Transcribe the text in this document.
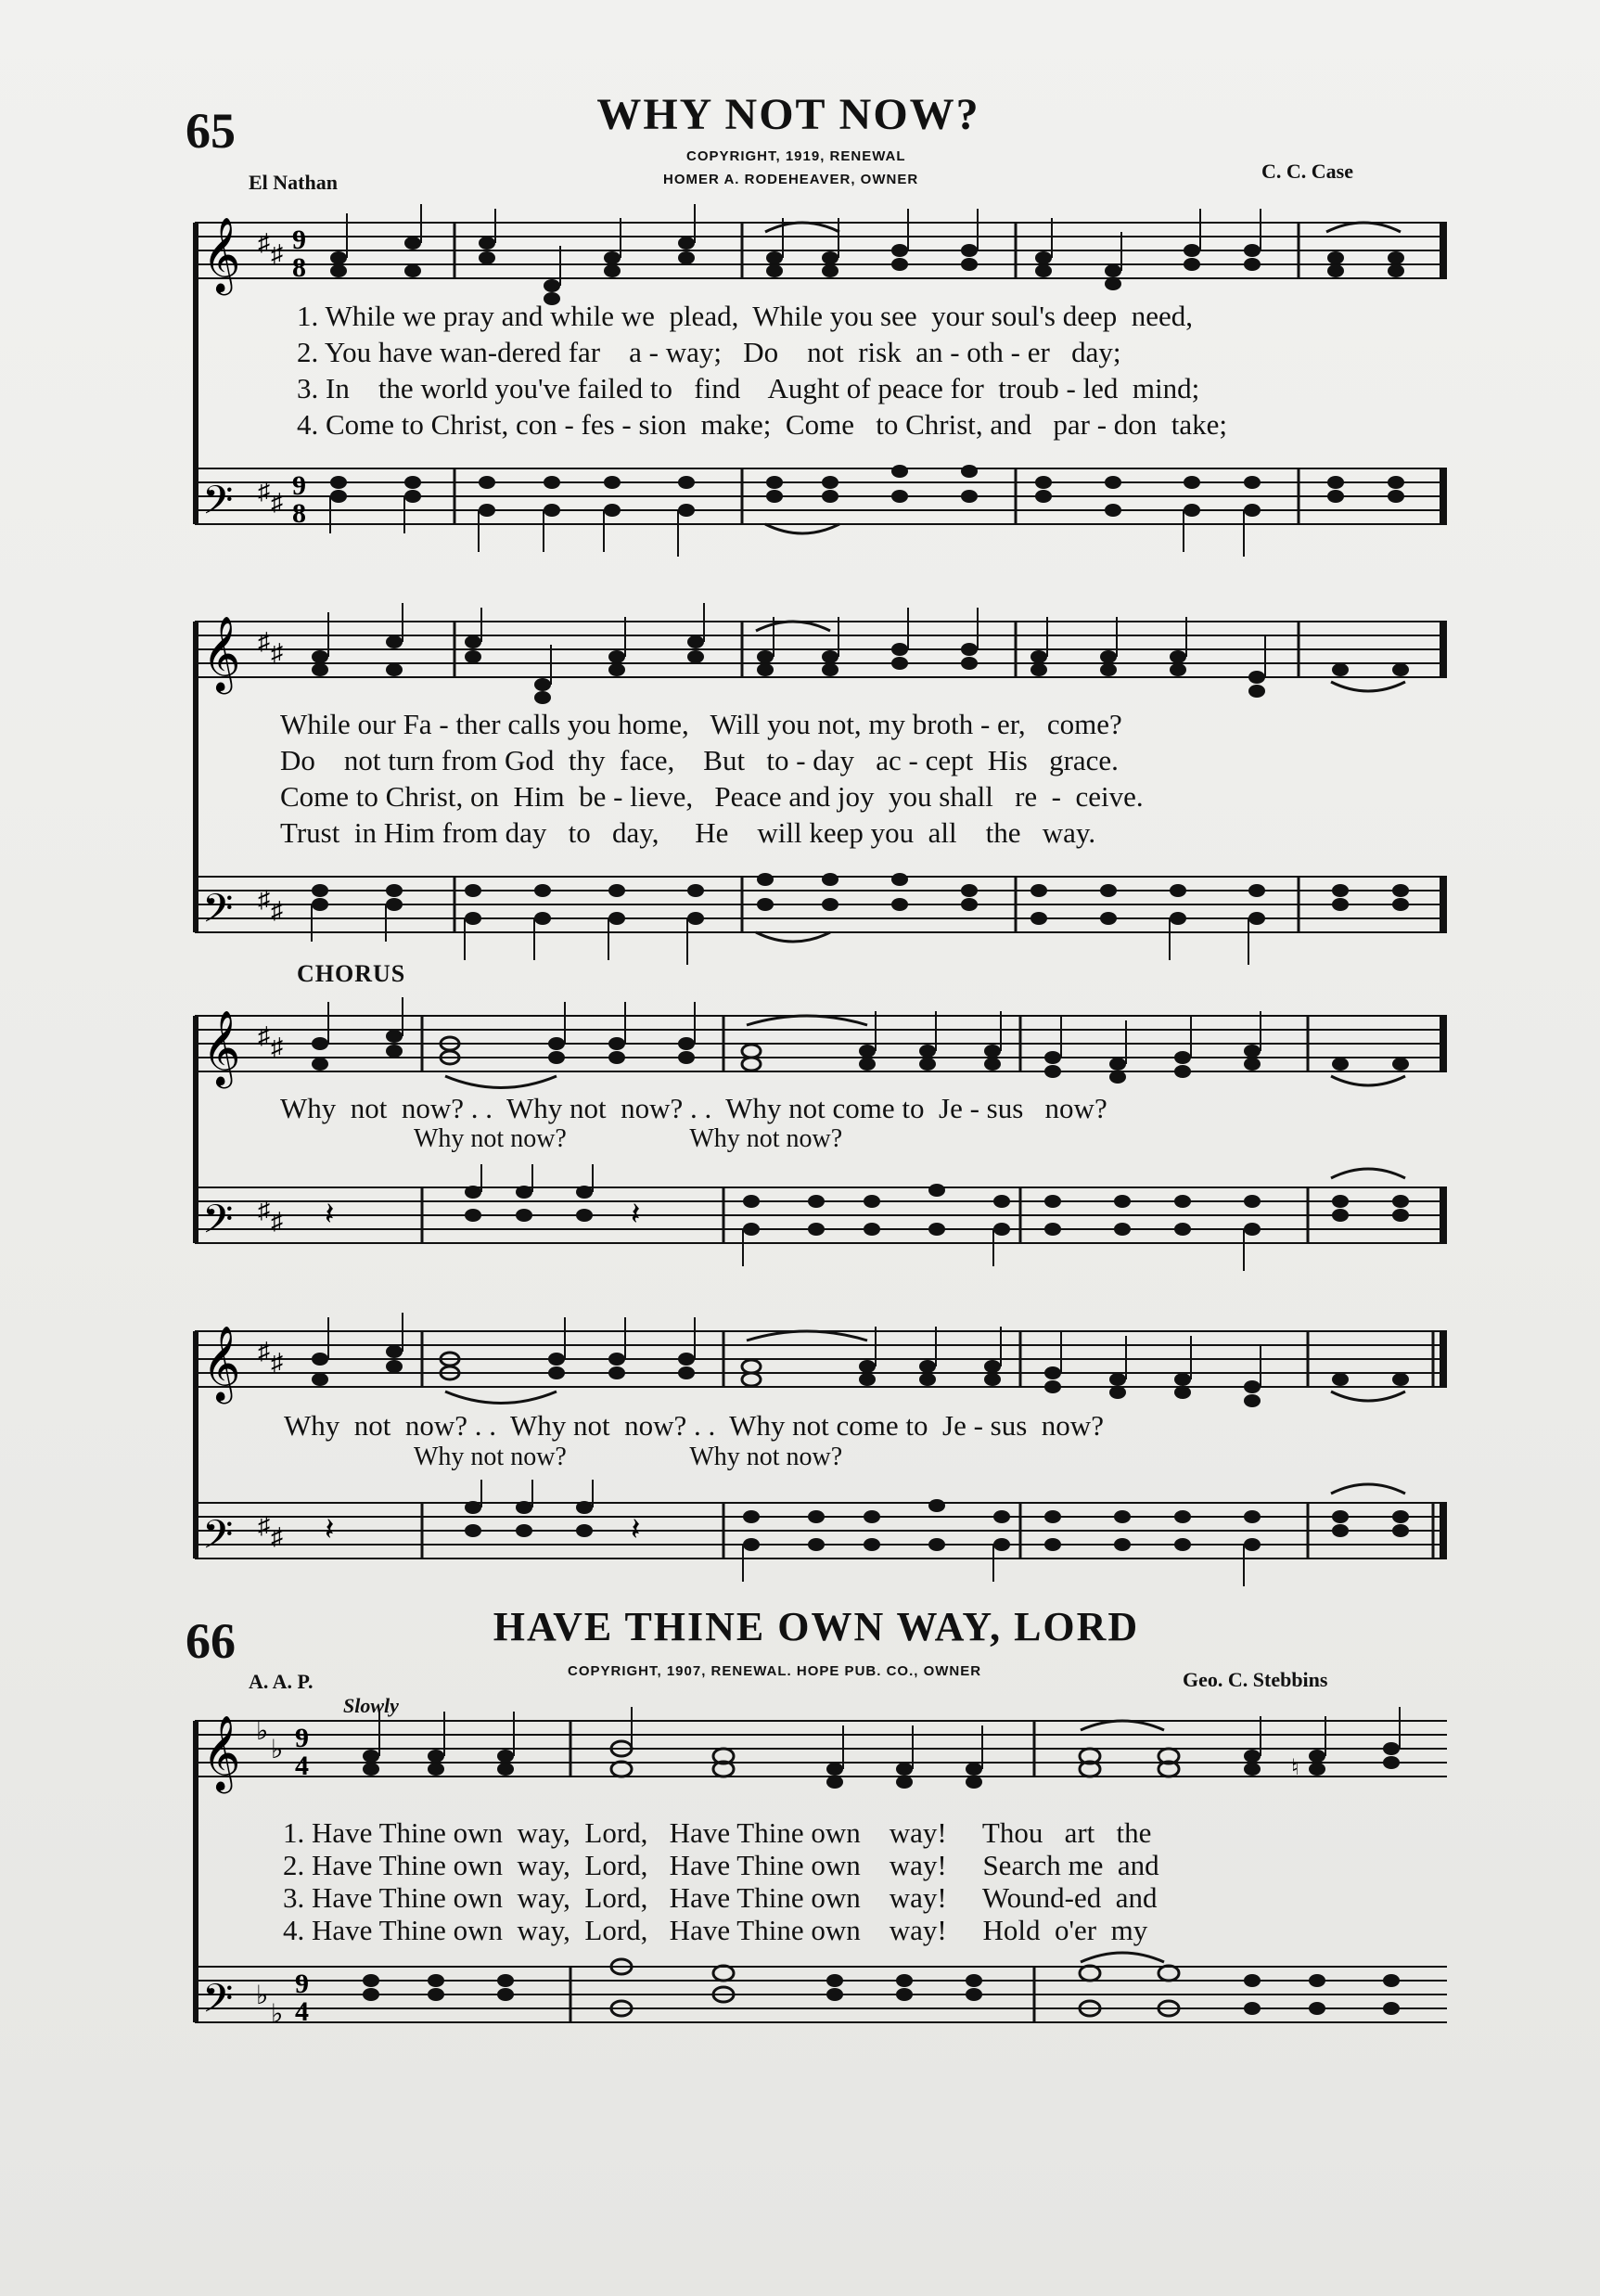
65	WHY NOT NOW?
COPYRIGHT, 1919, RENEWAL
HOMER A. RODEHEAVER, OWNER
El Nathan	C. C. Case
𝄞
𝄢
♯ ♯
♯ ♯
9
8
9
8
1. While we pray and while we  plead,  While you see  your soul's deep  need,
2. You have wan-dered far    a - way;   Do    not  risk  an - oth - er   day;
3. In    the world you've failed to   find    Aught of peace for  troub - led  mind;
4. Come to Christ, con - fes - sion  make;  Come   to Christ, and   par - don  take;
𝄞
𝄢
♯ ♯
♯ ♯
While our Fa - ther calls you home,   Will you not, my broth - er,   come?
Do    not turn from God  thy  face,    But   to - day   ac - cept  His   grace.
Come to Christ, on  Him  be - lieve,   Peace and joy  you shall   re  -  ceive.
Trust  in Him from day   to   day,     He    will keep you  all    the   way.
CHORUS
𝄞
𝄢
♯ ♯
♯ ♯ 𝄽	𝄽
Why  not  now? . .  Why not  now? . .  Why not come to  Je - sus   now?
Why not now?                   Why not now?
𝄞
𝄢
♯ ♯
♯ ♯ 𝄽	𝄽
Why  not  now? . .  Why not  now? . .  Why not come to  Je - sus  now?
Why not now?                   Why not now?
66	HAVE THINE OWN WAY, LORD
COPYRIGHT, 1907, RENEWAL. HOPE PUB. CO., OWNER
A. A. P.	Geo. C. Stebbins
Slowly
𝄞
𝄢
♭
♭
♭
♭
9
4
9
4
♮
1. Have Thine own  way,  Lord,   Have Thine own    way!     Thou   art   the
2. Have Thine own  way,  Lord,   Have Thine own    way!     Search me  and
3. Have Thine own  way,  Lord,   Have Thine own    way!     Wound-ed  and
4. Have Thine own  way,  Lord,   Have Thine own    way!     Hold  o'er  my
